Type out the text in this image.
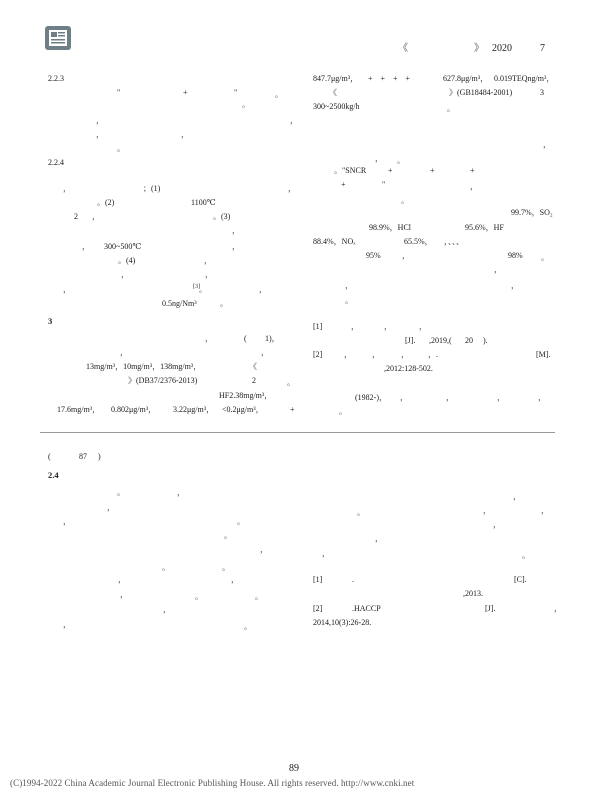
《	》 2020	7
2.2.3
"	+	"	。
。
，	，
，	，
。
2.2.4
，	；(1)	，
。(2)	1100℃
2 ，	。(3)
，
， 300~500℃	，
。(4)	，
，	，
，	[3] 。	，
0.5ng/Nm³	。
3
，	( 1)，
，	，
13mg/m³，10mg/m³，138mg/m³，	《
》(DB37/2376-2013)	2	。
HF2.38mg/m³，
17.6mg/m³， 0.802μg/m³， 3.22μg/m³， <0.2μg/m³，	+
847.7μg/m³， + + + +	627.8μg/m³， 0.019TEQng/m³，
《	》(GB18484-2001)	3
300~2500kg/h	。
，
， 。
。"SNCR	+	+	+
+	"	，
。
99.7%，SO₂
98.9%，HCl	95.6%，HF
88.4%，NOₓ	65.5%， ，、、、
95%	，	98% 。
，
，	，
。
[1]	，	，	，
[J]. ,2019,( 20 ).
[2]	，	，	， ，.	[M].
,2012:128-502.
(1982-)， ，	，	，	，
。
(	87 )
2.4
。	，
，
，	。
。
，
。	。
，	，
，	。	。
，
，	。
，
。	，	，
，
，
，	。
[1]	.	[C].
,2013.
[2]	.HACCP	[J].	，
2014,10(3):26-28.
89
(C)1994-2022 China Academic Journal Electronic Publishing House. All rights reserved. http://www.cnki.net
